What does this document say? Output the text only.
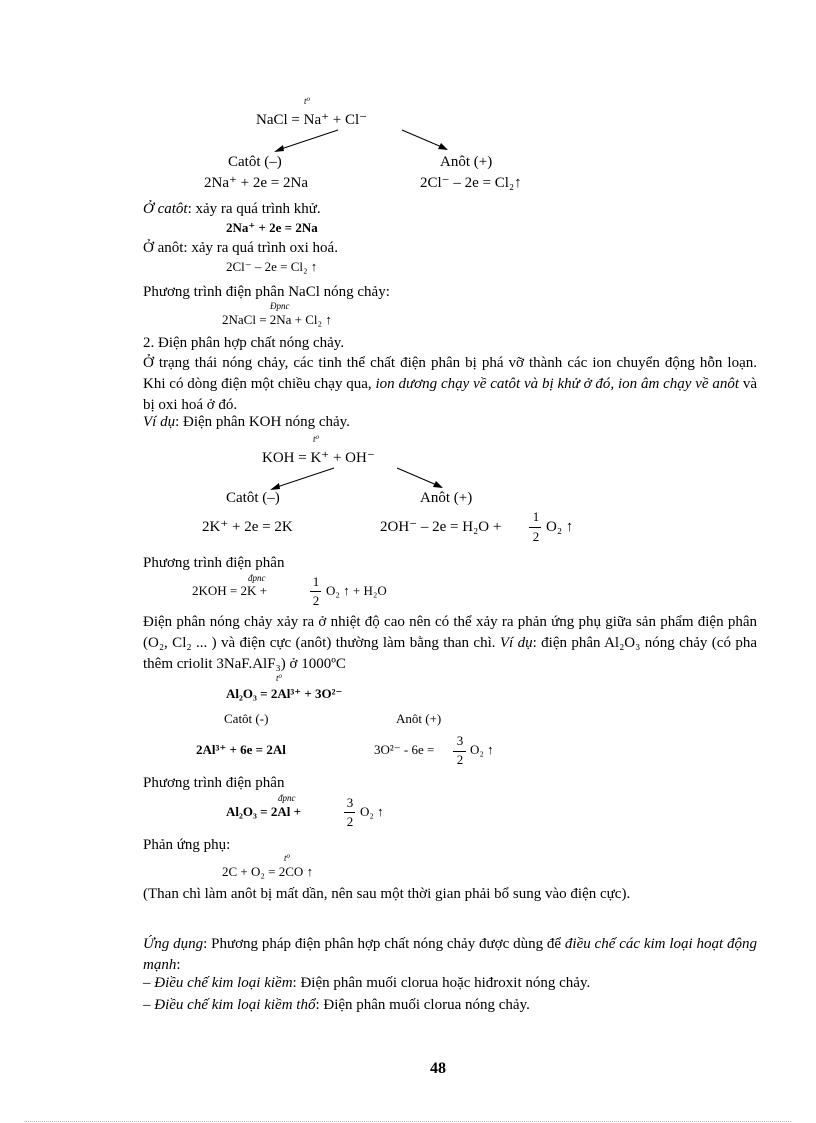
t⁰
NaCl = Na⁺ + Cl⁻
Catôt (–)	Anôt (+)
2Na⁺ + 2e = 2Na	2Cl⁻ – 2e = Cl₂↑
Ở catôt: xảy ra quá trình khử.
2Na⁺ + 2e = 2Na
Ở anôt: xảy ra quá trình oxi hoá.
2Cl⁻ – 2e = Cl₂ ↑
Phương trình điện phân NaCl nóng chảy:
Đpnc
2NaCl = 2Na + Cl₂ ↑
2. Điện phân hợp chất nóng chảy.
Ở trạng thái nóng chảy, các tinh thể chất điện phân bị phá vỡ thành các ion chuyển động hỗn loạn. Khi có dòng điện một chiều chạy qua, ion dương chạy về catôt và bị khử ở đó, ion âm chạy về anôt và bị oxi hoá ở đó.
Ví dụ: Điện phân KOH nóng chảy.
t⁰
KOH = K⁺ + OH⁻
Catôt (–)	Anôt (+)
2K⁺ + 2e = 2K	2OH⁻ – 2e = H₂O +
1
2
O₂ ↑
Phương trình điện phân
đpnc
2KOH = 2K +
1
2
O₂ ↑ + H₂O
Điện phân nóng chảy xảy ra ở nhiệt độ cao nên có thể xảy ra phản ứng phụ giữa sản phẩm điện phân (O₂, Cl₂ ... ) và điện cực (anôt) thường làm bằng than chì. Ví dụ: điện phân Al₂O₃ nóng chảy (có pha thêm criolit 3NaF.AlF₃) ở 1000ºC
t⁰
Al₂O₃ = 2Al³⁺ + 3O²⁻
Catôt (-)	Anôt (+)
2Al³⁺ + 6e = 2Al	3O²⁻ - 6e =
3
2
O₂ ↑
Phương trình điện phân
đpnc
Al₂O₃ = 2Al +
3
2
O₂ ↑
Phản ứng phụ:
t⁰
2C + O₂ = 2CO ↑
(Than chì làm anôt bị mất dần, nên sau một thời gian phải bổ sung vào điện cực).
Ứng dụng: Phương pháp điện phân hợp chất nóng chảy được dùng để điều chế các kim loại hoạt động mạnh:
– Điều chế kim loại kiềm: Điện phân muối clorua hoặc hiđroxit nóng chảy.
– Điều chế kim loại kiềm thổ: Điện phân muối clorua nóng chảy.
48
